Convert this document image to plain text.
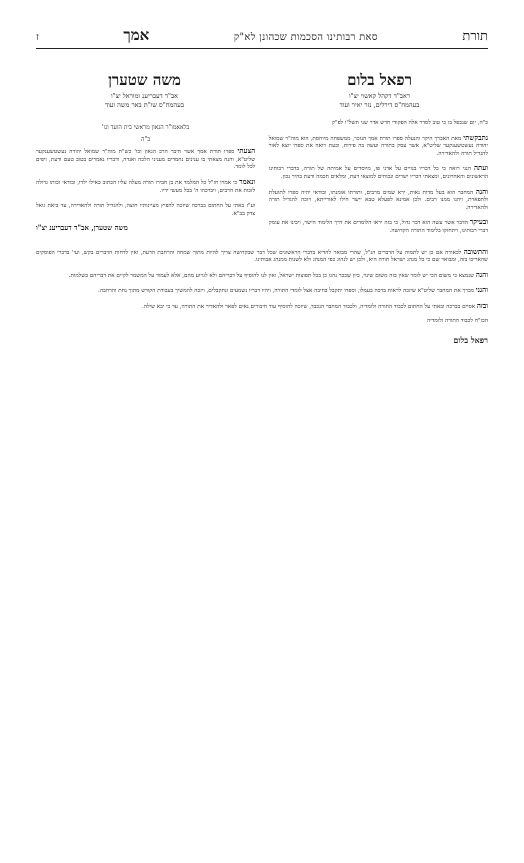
תורת
סאת רבותינו הסכמות שכהונן לא"ק
אמך
ז
רפאל בלום
ראב"ד דקהל קאשוי יצ"ו
בעהמח"ס דירלים, נזר יאיר ועוד
משה שטערן
אב"ד דעבריענ ומוראל יצ"ו
בעהמח"ס שו"ת באר משה ועוד

כ"ה, יום שנכפל בו כי טוב לסדר אלה הפקודי חדש אדר שני תשל"ו לפ"ק

נתבקשתי מאת האברך היקר והנעלה ספרו תורת אמך הנזכר, ממשפחה מיוחסת, הוא מוה"ר שמואל יהודה נעשטשענקער שליט"א, אשר עסק בתורה ועשה בה פירות, וכעת רואה את ספרו יוצא לאור להגדיל תורה ולהאדירה.

ועתה הנני רואה כי כל דבריו בנויים על אדני פז, מיוסדים על אמיתה של תורה, בדברי רבותינו הראשונים והאחרונים, ומצאתי דבריו ישרים ונכוחים למוצאי דעת, ומלאים חכמה ודעת בהיר נכון.

והנה המחבר הוא בעל מדות נאות, ירא שמים מרבים, ותורתו אומנתו, ובודאי יהיה ספרו לתועלת ולתפארת, ויהנו ממנו רבים. ולכן אמינא לפעלא טבא יישר חילו לאורייתא, ויזכה להגדיל תורה ולהאדירה.

ובעיקר הדבר אשר עשה הוא דבר גדול, כי בזה יראו הלומדים את דרך הלימוד הישר, ויבינו את עומק דברי רבותינו, ויתחזקו בלימוד התורה הקדושה.

בלאאמו"ר הגאון מראשי בית הועד וגו'

ב"ה

הצעתי ספרו תורת אמך אשר חיבר הרב הגאון וכו' כש"ת מוה"ר שמואל יהודה נעשטשענקער שליט"א, והנה מצאתי בו ענינים נחמדים מעניני הלכה ואגדה, ודבריו נאמרים בטוב טעם ודעת, ויפים לכל לומד.

ונאמר כי אמרו חז"ל כל המלמד את בן חבירו תורה מעלה עליו הכתוב כאילו ילדו, ובודאי זכותו גדולה לזכות את הרבים, ויברכהו ה' בכל מעשי ידיו.

וע"ז באתי על החתום בברכה שיזכה להפיץ מעיינותיו חוצה, ולהגדיל תורה ולהאדירה, עד ביאת גואל צדק בב"א.

משה שטערן, אב"ד דעבריענ יצ"ו

והתשובה לכאורה אם כן יש לתמוה על הדברים הנ"ל, שהרי מבואר להדיא בדברי הראשונים שכל דבר שבקדושה צריך להיות מתוך שמחה והרחבת הדעת, ואין לדחות הדברים בקש, ועי' בדברי הפוסקים שהאריכו בזה, ומבואר שם כי כל מנהג ישראל תורה היא, ולכן יש לנהוג כפי המנהג ולא לשנות ממנהג אבותינו.

והנה שנמצא כי משום הכי יש לומר שאין בזה משום שינוי, כיון שכבר נהגו כן בכל תפוצות ישראל, ואין לנו להוסיף על דבריהם ולא לגרוע מהם, אלא לעמוד על המשמר לקיים את דבריהם בשלמות.

והנני מברך את המחבר שליט"א שיזכה לראות ברכה בעמלו, וספרו יתקבל בחיבה אצל לומדי התורה, ויהיו דבריו נשמעים ונתקבלים, ויזכה להמשיך בעבודת הקודש מתוך נחת והרחבה.

ובזה אסיים בברכה ובאתי על החתום לכבוד התורה ולומדיה, ולכבוד המחבר הנכבד, שיזכה להוסיף עוד חיבורים נאים לפאר ולהאדיר את התורה, עד כי יבא שילה.

הכו"ח לכבוד התורה ולומדיה

רפאל בלום
